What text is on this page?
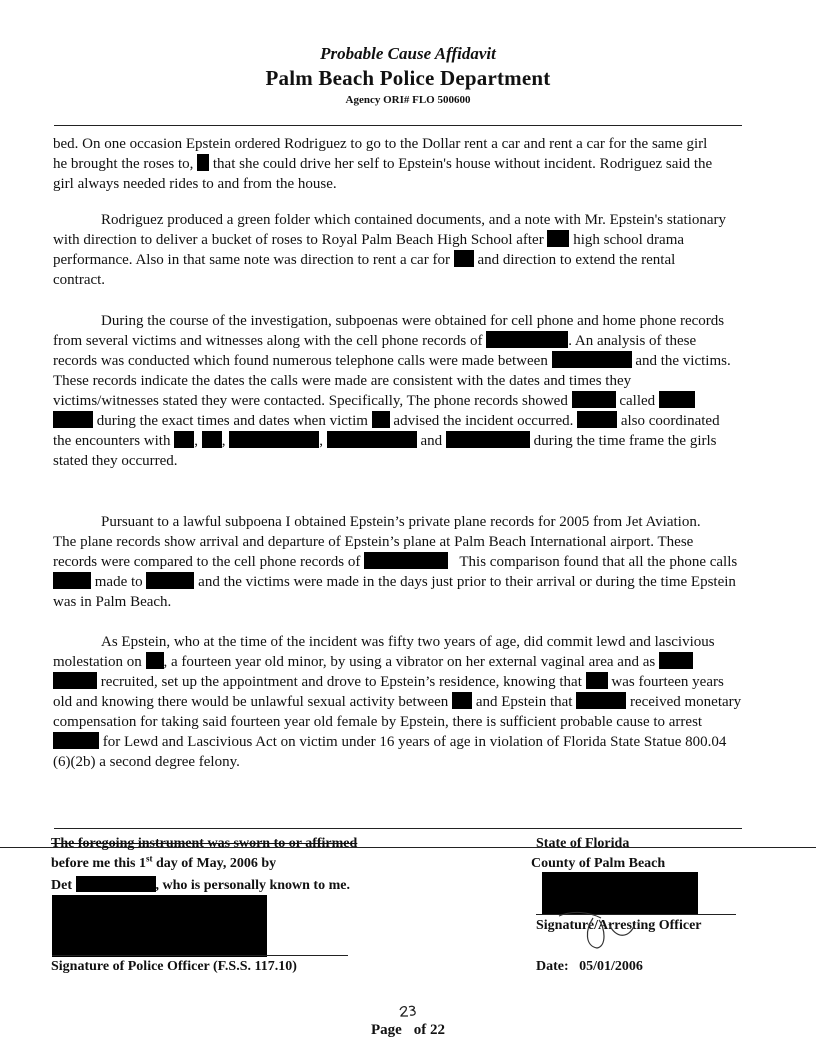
Probable Cause Affidavit
Palm Beach Police Department
Agency ORI# FLO 500600
bed. On one occasion Epstein ordered Rodriguez to go to the Dollar rent a car and rent a car for the same girl
he brought the roses to, that she could drive her self to Epstein's house without incident. Rodriguez said the
girl always needed rides to and from the house.
Rodriguez produced a green folder which contained documents, and a note with Mr. Epstein's stationary
with direction to deliver a bucket of roses to Royal Palm Beach High School after high school drama
performance. Also in that same note was direction to rent a car for and direction to extend the rental
contract.
During the course of the investigation, subpoenas were obtained for cell phone and home phone records
from several victims and witnesses along with the cell phone records of	. An analysis of these
records was conducted which found numerous telephone calls were made between	and the victims.
These records indicate the dates the calls were made are consistent with the dates and times they
victims/witnesses stated they were contacted. Specifically, The phone records showed	called
during the exact times and dates when victim advised the incident occurred.	also coordinated
the encounters with , ,	,	and	during the time frame the girls
stated they occurred.
Pursuant to a lawful subpoena I obtained Epstein’s private plane records for 2005 from Jet Aviation.
The plane records show arrival and departure of Epstein’s plane at Palm Beach International airport. These
records were compared to the cell phone records of	This comparison found that all the phone calls
made to	and the victims were made in the days just prior to their arrival or during the time Epstein
was in Palm Beach.
As Epstein, who at the time of the incident was fifty two years of age, did commit lewd and lascivious
molestation on , a fourteen year old minor, by using a vibrator on her external vaginal area and as
recruited, set up the appointment and drove to Epstein’s residence, knowing that was fourteen years
old and knowing there would be unlawful sexual activity between and Epstein that	received monetary
compensation for taking said fourteen year old female by Epstein, there is sufficient probable cause to arrest
for Lewd and Lascivious Act on victim under 16 years of age in violation of Florida State Statue 800.04
(6)(2b) a second degree felony.
The foregoing instrument was sworn to or affirmed
before me this 1st day of May, 2006 by
Det	, who is personally known to me.
Signature of Police Officer (F.S.S. 117.10)
State of Florida
County of Palm Beach
Signature/Arresting Officer
Date: 05/01/2006
Page of 22
